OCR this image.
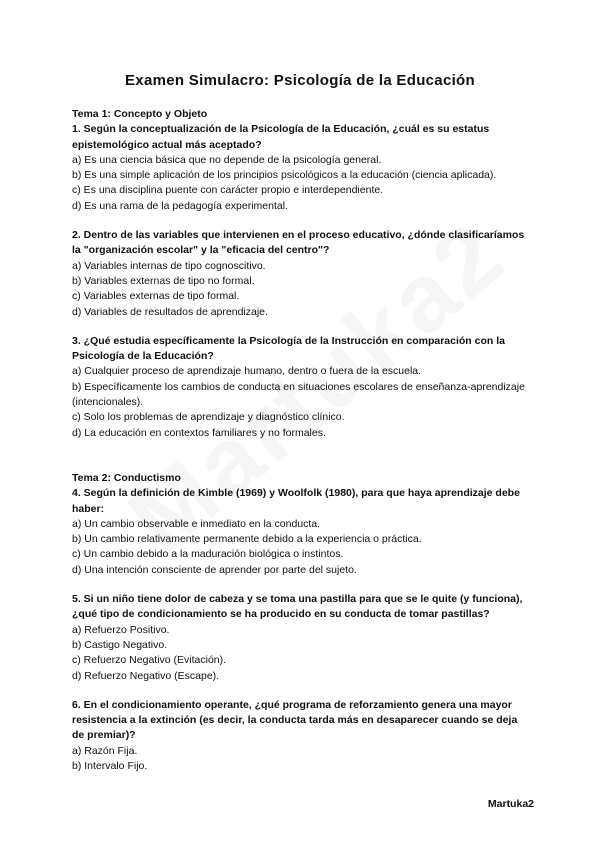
Examen Simulacro: Psicología de la Educación
Tema 1: Concepto y Objeto
1. Según la conceptualización de la Psicología de la Educación, ¿cuál es su estatus epistemológico actual más aceptado?
a) Es una ciencia básica que no depende de la psicología general.
b) Es una simple aplicación de los principios psicológicos a la educación (ciencia aplicada).
c) Es una disciplina puente con carácter propio e interdependiente.
d) Es una rama de la pedagogía experimental.
2. Dentro de las variables que intervienen en el proceso educativo, ¿dónde clasificaríamos la "organización escolar" y la "eficacia del centro"?
a) Variables internas de tipo cognoscitivo.
b) Variables externas de tipo no formal.
c) Variables externas de tipo formal.
d) Variables de resultados de aprendizaje.
3. ¿Qué estudia específicamente la Psicología de la Instrucción en comparación con la Psicología de la Educación?
a) Cualquier proceso de aprendizaje humano, dentro o fuera de la escuela.
b) Específicamente los cambios de conducta en situaciones escolares de enseñanza-aprendizaje (intencionales).
c) Solo los problemas de aprendizaje y diagnóstico clínico.
d) La educación en contextos familiares y no formales.
Tema 2: Conductismo
4. Según la definición de Kimble (1969) y Woolfolk (1980), para que haya aprendizaje debe haber:
a) Un cambio observable e inmediato en la conducta.
b) Un cambio relativamente permanente debido a la experiencia o práctica.
c) Un cambio debido a la maduración biológica o instintos.
d) Una intención consciente de aprender por parte del sujeto.
5. Si un niño tiene dolor de cabeza y se toma una pastilla para que se le quite (y funciona), ¿qué tipo de condicionamiento se ha producido en su conducta de tomar pastillas?
a) Refuerzo Positivo.
b) Castigo Negativo.
c) Refuerzo Negativo (Evitación).
d) Refuerzo Negativo (Escape).
6. En el condicionamiento operante, ¿qué programa de reforzamiento genera una mayor resistencia a la extinción (es decir, la conducta tarda más en desaparecer cuando se deja de premiar)?
a) Razón Fija.
b) Intervalo Fijo.
Martuka2
